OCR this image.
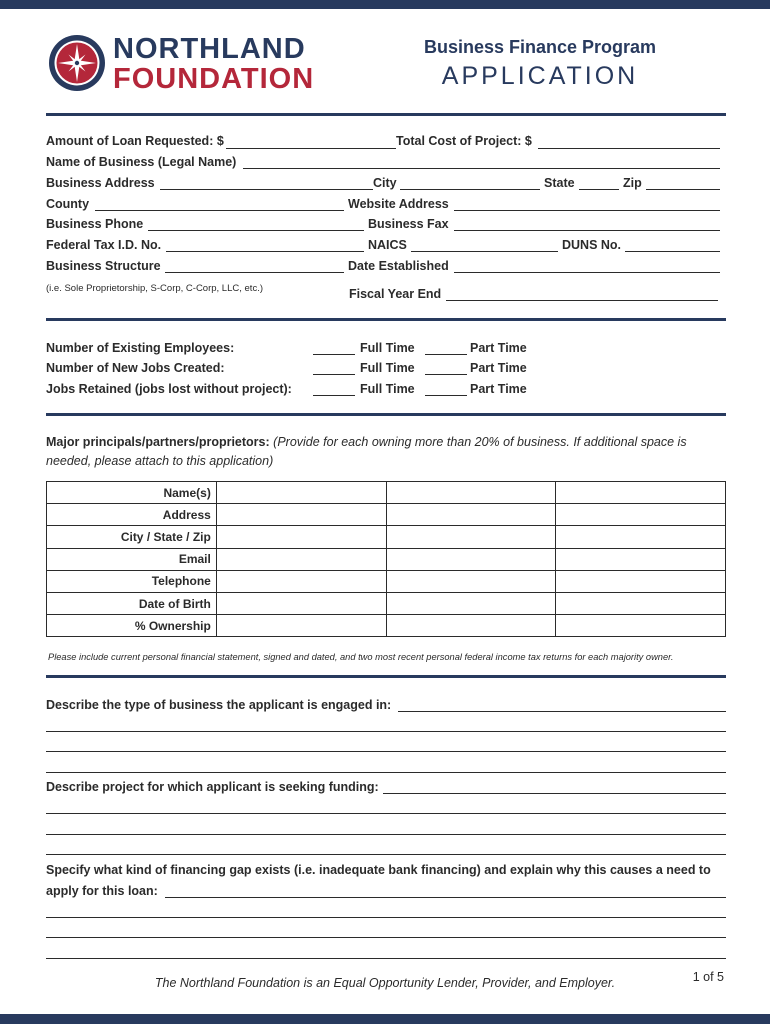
NORTHLAND
FOUNDATION
Business Finance Program
APPLICATION
Amount of Loan Requested: $	Total Cost of Project: $
Name of Business (Legal Name)
Business Address	City	State	Zip
County	Website Address
Business Phone	Business Fax
Federal Tax I.D. No.	NAICS	DUNS No.
Business Structure	Date Established
(i.e. Sole Proprietorship, S-Corp, C-Corp, LLC, etc.)	Fiscal Year End
Number of Existing Employees:	Full Time	Part Time
Number of New Jobs Created:	Full Time	Part Time
Jobs Retained (jobs lost without project):	Full Time	Part Time
Major principals/partners/proprietors: (Provide for each owning more than 20% of business. If additional space is
needed, please attach to this application)
Name(s)			
Address			
City / State / Zip			
Email			
Telephone			
Date of Birth			
% Ownership			
Please include current personal financial statement, signed and dated, and two most recent personal federal income tax returns for each majority owner.
Describe the type of business the applicant is engaged in:
Describe project for which applicant is seeking funding:
Specify what kind of financing gap exists (i.e. inadequate bank financing) and explain why this causes a need to
apply for this loan:
The Northland Foundation is an Equal Opportunity Lender, Provider, and Employer.	1 of 5
